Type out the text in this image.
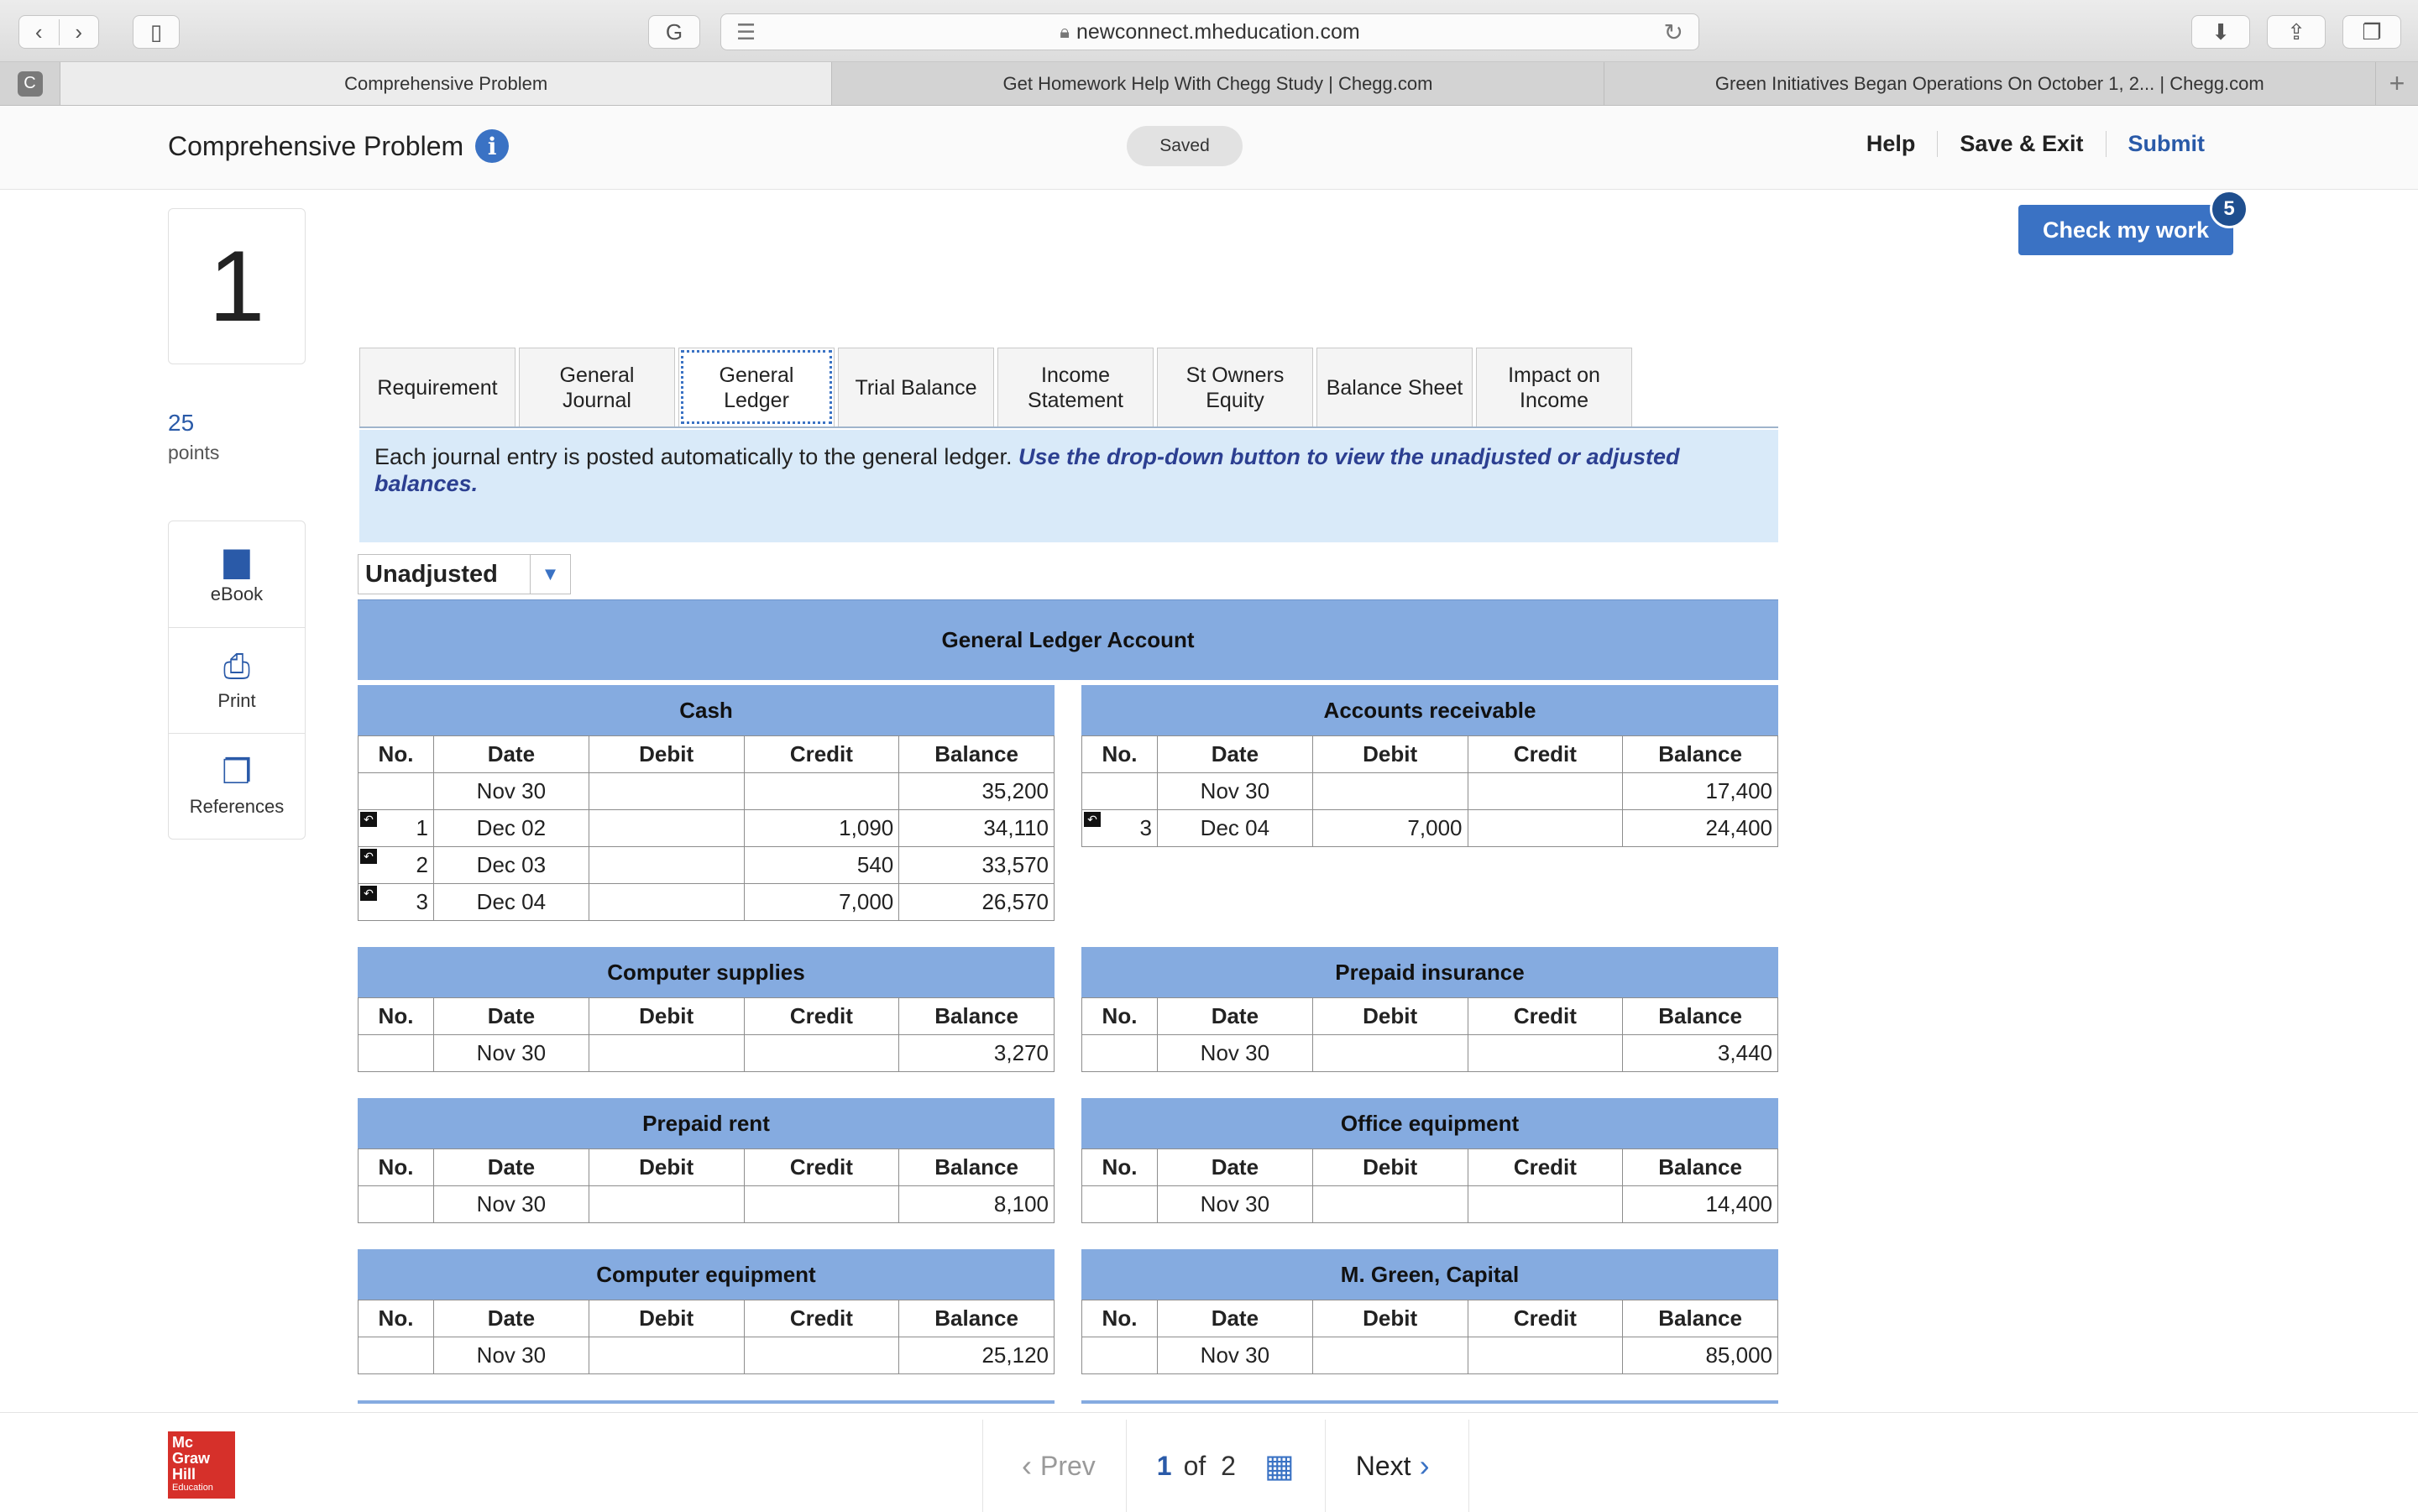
‹	›	▯	G	☰	🔒︎ newconnect.mheducation.com	↻	⬇	⇪	❐
C	Comprehensive Problem	Get Homework Help With Chegg Study | Chegg.com	Green Initiatives Began Operations On October 1, 2... | Chegg.com	+
Comprehensive Problem	i	Saved	Help	Save & Exit	Submit
1
25
points
▆
eBook
⎙
Print
❐
References
Check my work
5
Requirement
General
Journal
General
Ledger
Trial Balance
Income
Statement
St Owners
Equity
Balance Sheet
Impact on
Income
Each journal entry is posted automatically to the general ledger. Use the drop-down button to view the unadjusted or adjusted balances.
Unadjusted	▼
General Ledger Account
Cash
No.	Date	Debit	Credit	Balance
	Nov 30			35,200

↶ 1	Dec 02		1,090	34,110

↶ 2	Dec 03		540	33,570

↶ 3	Dec 04		7,000	26,570
Accounts receivable
No.	Date	Debit	Credit	Balance
	Nov 30			17,400

↶ 3	Dec 04	7,000		24,400
Computer supplies
No.	Date	Debit	Credit	Balance
	Nov 30			3,270
Prepaid insurance
No.	Date	Debit	Credit	Balance
	Nov 30			3,440
Prepaid rent
No.	Date	Debit	Credit	Balance
	Nov 30			8,100
Office equipment
No.	Date	Debit	Credit	Balance
	Nov 30			14,400
Computer equipment
No.	Date	Debit	Credit	Balance
	Nov 30			25,120
M. Green, Capital
No.	Date	Debit	Credit	Balance
	Nov 30			85,000
Mc
Graw
Hill
Education
‹ Prev 1 of
2 ▦ Next ›
